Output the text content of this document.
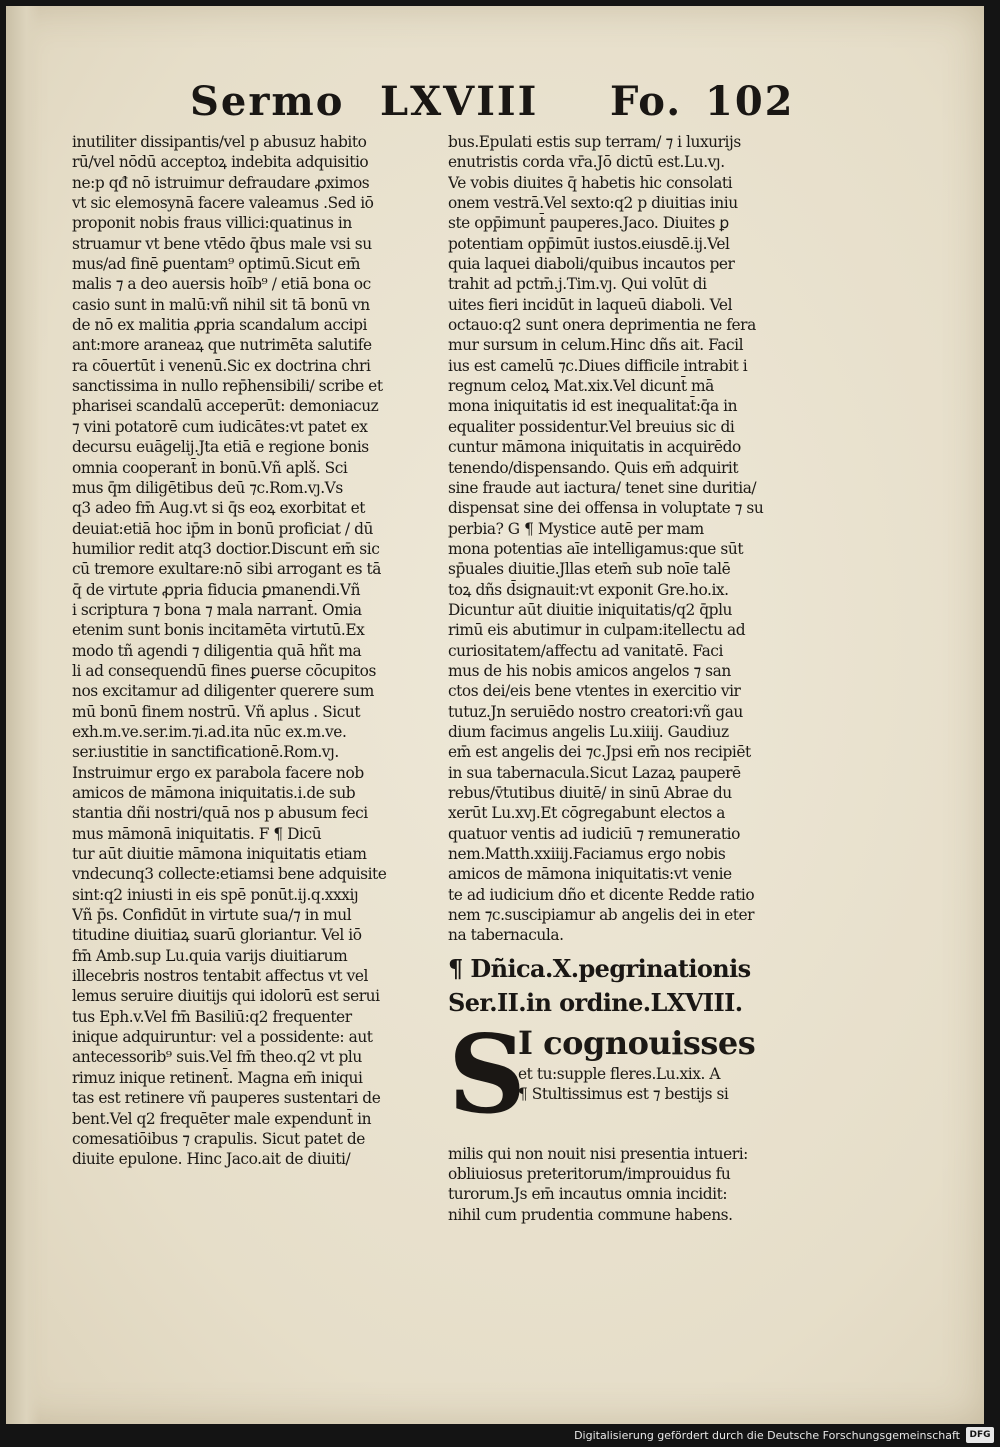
Sermo LXVIII Fo. 102
inutiliter dissipantis/vel p abusuz habito
rū/vel nōdū acceptoꝝ indebita adquisitio
ne:p qđ nō istruimur defraudare ꝓximos
vt sic elemosynā facere valeamus .Sed iō
proponit nobis fraus villici:quatinus in
struamur vt bene vtēdo q̄bus male vsi su
mus/ad finē ꝑuentam⁹ optimū.Sicut em̄
malis ⁊ a deo auersis hoīb⁹ / etiā bona oc
casio sunt in malū:vñ nihil sit tā bonū vn
de nō ex malitia ꝓpria scandalum accipi
ant:more araneaꝝ que nutrimēta salutife
ra cōuertūt i venenū.Sic ex doctrina chri
sanctissima in nullo rep̄hensibili/ scribe et
pharisei scandalū acceperūt: demoniacuz
⁊ vini potatorē cum iudicātes:vt patet ex
decursu euāgelij.Jta etiā e regione bonis
omnia cooperant̄ in bonū.Vñ aplš. Sci
mus q̄m diligētibus deū ⁊c.Rom.vȷ.Vs
q3 adeo fm̄ Aug.vt si q̄s eoꝝ exorbitat et
deuiat:etiā hoc ip̄m in bonū proficiat / dū
humilior redit atq3 doctior.Discunt em̄ sic
cū tremore exultare:nō sibi arrogant es tā
q̄ de virtute ꝓpria fiducia ꝑmanendi.Vñ
i scriptura ⁊ bona ⁊ mala narrant̄. Omia
etenim sunt bonis incitamēta virtutū.Ex
modo tñ agendi ⁊ diligentia quā hñt ma
li ad consequendū fines ꝑuerse cōcupitos
nos excitamur ad diligenter querere sum
mū bonū finem nostrū. Vñ aplus . Sicut
exh.m.ve.ser.im.⁊i.ad.ita nūc ex.m.ve.
ser.iustitie in sanctificationē.Rom.vȷ.
Instruimur ergo ex parabola facere nob
amicos de māmona iniquitatis.i.de sub
stantia dñi nostri/quā nos p abusum feci
mus māmonā iniquitatis. F ¶ Dicū
tur aūt diuitie māmona iniquitatis etiam
vndecunq3 collecte:etiamsi bene adquisite
sint:q2 iniusti in eis spē ponūt.ij.q.xxxiȷ
Vñ p̄s. Confidūt in virtute sua/⁊ in mul
titudine diuitiaꝝ suarū gloriantur. Vel iō
fm̄ Amb.sup Lu.quia varijs diuitiarum
illecebris nostros tentabit affectus vt vel
lemus seruire diuitijs qui idolorū est serui
tus Eph.v.Vel fm̄ Basiliū:q2 frequenter
inique adquirunturː vel a possidente: aut
antecessorib⁹ suis.Vel fm̄ theo.q2 vt plu
rimuz inique retinent̄. Magna em̄ iniqui
tas est retinere vñ pauperes sustentari de
bent.Vel q2 frequēter male expendunt̄ in
comesatiōibus ⁊ crapulis. Sicut patet de
diuite epulone. Hinc Jaco.ait de diuiti/
bus.Epulati estis sup terram/ ⁊ i luxurijs
enutristis corda vr̄a.Jō dictū est.Lu.vȷ.
Ve vobis diuites q̄ habetis hic consolati
onem vestrā.Vel sexto:q2 p diuitias iniu
ste opp̄imunt̄ pauperes.Jaco. Diuites ꝑ
potentiam opp̄imūt iustos.eiusdē.ij.Vel
quia laquei diaboli/quibus incautos per
trahit ad pctm̄.j.Tim.vȷ. Qui volūt di
uites fieri incidūt in laqueū diaboli. Vel
octauo:q2 sunt onera deprimentia ne fera
mur sursum in celum.Hinc dñs ait. Facil
ius est camelū ⁊c.Diues difficile intrabit i
regnum celoꝝ Mat.xix.Vel dicunt̄ mā
mona iniquitatis id est inequalitat̄:q̄a in
equaliter possidentur.Vel breuius sic di
cuntur māmona iniquitatis in acquirēdo
tenendo/dispensando. Quis em̄ adquirit
sine fraude aut iactura/ tenet sine duritia/
dispensat sine dei offensa in voluptate ⁊ su
perbia? G ¶ Mystice autē per mam
mona potentias aīe intelligamus:que sūt
sp̄uales diuitie.Jllas etem̄ sub noīe talē
toꝝ dñs d̄signauit:vt exponit Gre.ho.ix.
Dicuntur aūt diuitie iniquitatis/q2 q̄plu
rimū eis abutimur in culpam:itellectu ad
curiositatem/affectu ad vanitatē. Faci
mus de his nobis amicos angelos ⁊ san
ctos dei/eis bene vtentes in exercitio vir
tutuz.Jn seruiēdo nostro creatori:vñ gau
dium facimus angelis Lu.xiiij. Gaudiuz
em̄ est angelis dei ⁊c.Jpsi em̄ nos recipiēt
in sua tabernacula.Sicut Lazaꝝ pauperē
rebus/v̄tutibus diuitē/ in sinū Abrae du
xerūt Lu.xvȷ.Et cōgregabunt electos a
quatuor ventis ad iudiciū ⁊ remuneratio
nem.Matth.xxiiij.Faciamus ergo nobis
amicos de māmona iniquitatis:vt venie
te ad iudicium dño et dicente Redde ratio
nem ⁊c.suscipiamur ab angelis dei in eter
na tabernacula.
¶ Dñica.X.pegrinationis
Ser.II.in ordine.LXVIII.
S
I cognouisses
et tu:supple fleres.Lu.xix. A
¶ Stultissimus est ⁊ bestijs si
milis qui non nouit nisi presentia intueri:
obliuiosus preteritorum/improuidus fu
turorum.Js em̄ incautus omnia incidit:
nihil cum prudentia commune habens.
Digitalisierung gefördert durch die Deutsche Forschungsgemeinschaft	DFG
